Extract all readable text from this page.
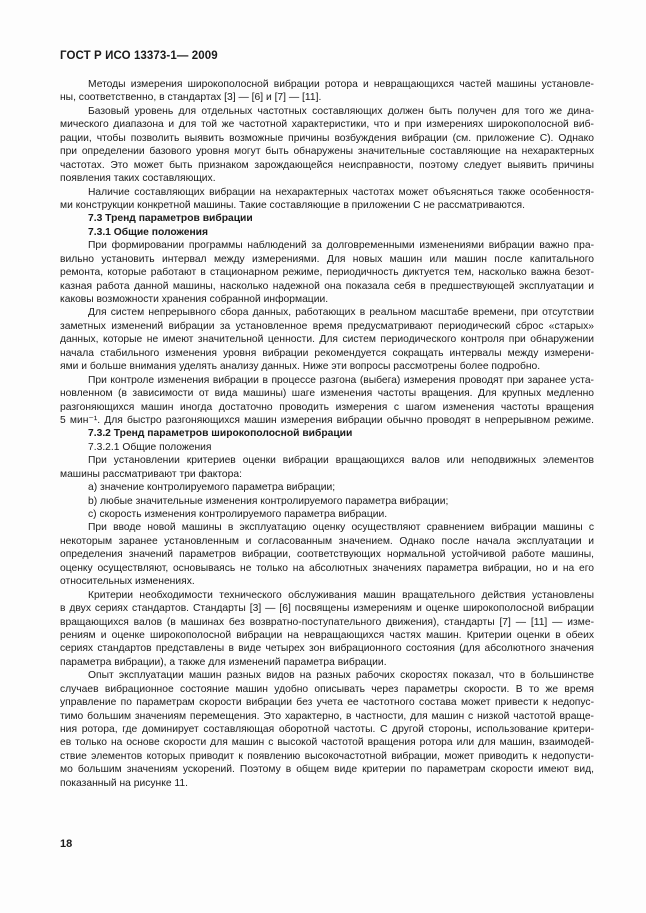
ГОСТ Р ИСО 13373-1— 2009
Методы измерения широкополосной вибрации ротора и невращающихся частей машины установле-
ны, соответственно, в стандартах [3] — [6] и [7] — [11].
Базовый уровень для отдельных частотных составляющих должен быть получен для того же дина-
мического диапазона и для той же частотной характеристики, что и при измерениях широкополосной виб-
рации, чтобы позволить выявить возможные причины возбуждения вибрации (см. приложение С). Однако
при определении базового уровня могут быть обнаружены значительные составляющие на нехарактерных
частотах. Это может быть признаком зарождающейся неисправности, поэтому следует выявить причины
появления таких составляющих.
Наличие составляющих вибрации на нехарактерных частотах может объясняться также особенностя-
ми конструкции конкретной машины. Такие составляющие в приложении С не рассматриваются.
7.3 Тренд параметров вибрации
7.3.1 Общие положения
При формировании программы наблюдений за долговременными изменениями вибрации важно пра-
вильно установить интервал между измерениями. Для новых машин или машин после капитального
ремонта, которые работают в стационарном режиме, периодичность диктуется тем, насколько важна безот-
казная работа данной машины, насколько надежной она показала себя в предшествующей эксплуатации и
каковы возможности хранения собранной информации.
Для систем непрерывного сбора данных, работающих в реальном масштабе времени, при отсутствии
заметных изменений вибрации за установленное время предусматривают периодический сброс «старых»
данных, которые не имеют значительной ценности. Для систем периодического контроля при обнаружении
начала стабильного изменения уровня вибрации рекомендуется сокращать интервалы между измерени-
ями и больше внимания уделять анализу данных. Ниже эти вопросы рассмотрены более подробно.
При контроле изменения вибрации в процессе разгона (выбега) измерения проводят при заранее уста-
новленном (в зависимости от вида машины) шаге изменения частоты вращения. Для крупных медленно
разгоняющихся машин иногда достаточно проводить измерения с шагом изменения частоты вращения
5 мин⁻¹. Для быстро разгоняющихся машин измерения вибрации обычно проводят в непрерывном режиме.
7.3.2 Тренд параметров широкополосной вибрации
7.3.2.1 Общие положения
При установлении критериев оценки вибрации вращающихся валов или неподвижных элементов
машины рассматривают три фактора:
a) значение контролируемого параметра вибрации;
b) любые значительные изменения контролируемого параметра вибрации;
c) скорость изменения контролируемого параметра вибрации.
При вводе новой машины в эксплуатацию оценку осуществляют сравнением вибрации машины с
некоторым заранее установленным и согласованным значением. Однако после начала эксплуатации и
определения значений параметров вибрации, соответствующих нормальной устойчивой работе машины,
оценку осуществляют, основываясь не только на абсолютных значениях параметра вибрации, но и на его
относительных изменениях.
Критерии необходимости технического обслуживания машин вращательного действия установлены
в двух сериях стандартов. Стандарты [3] — [6] посвящены измерениям и оценке широкополосной вибрации
вращающихся валов (в машинах без возвратно-поступательного движения), стандарты [7] — [11] — изме-
рениям и оценке широкополосной вибрации на невращающихся частях машин. Критерии оценки в обеих
сериях стандартов представлены в виде четырех зон вибрационного состояния (для абсолютного значения
параметра вибрации), а также для изменений параметра вибрации.
Опыт эксплуатации машин разных видов на разных рабочих скоростях показал, что в большинстве
случаев вибрационное состояние машин удобно описывать через параметры скорости. В то же время
управление по параметрам скорости вибрации без учета ее частотного состава может привести к недопус-
тимо большим значениям перемещения. Это характерно, в частности, для машин с низкой частотой враще-
ния ротора, где доминирует составляющая оборотной частоты. С другой стороны, использование критери-
ев только на основе скорости для машин с высокой частотой вращения ротора или для машин, взаимодей-
ствие элементов которых приводит к появлению высокочастотной вибрации, может приводить к недопусти-
мо большим значениям ускорений. Поэтому в общем виде критерии по параметрам скорости имеют вид,
показанный на рисунке 11.
18
